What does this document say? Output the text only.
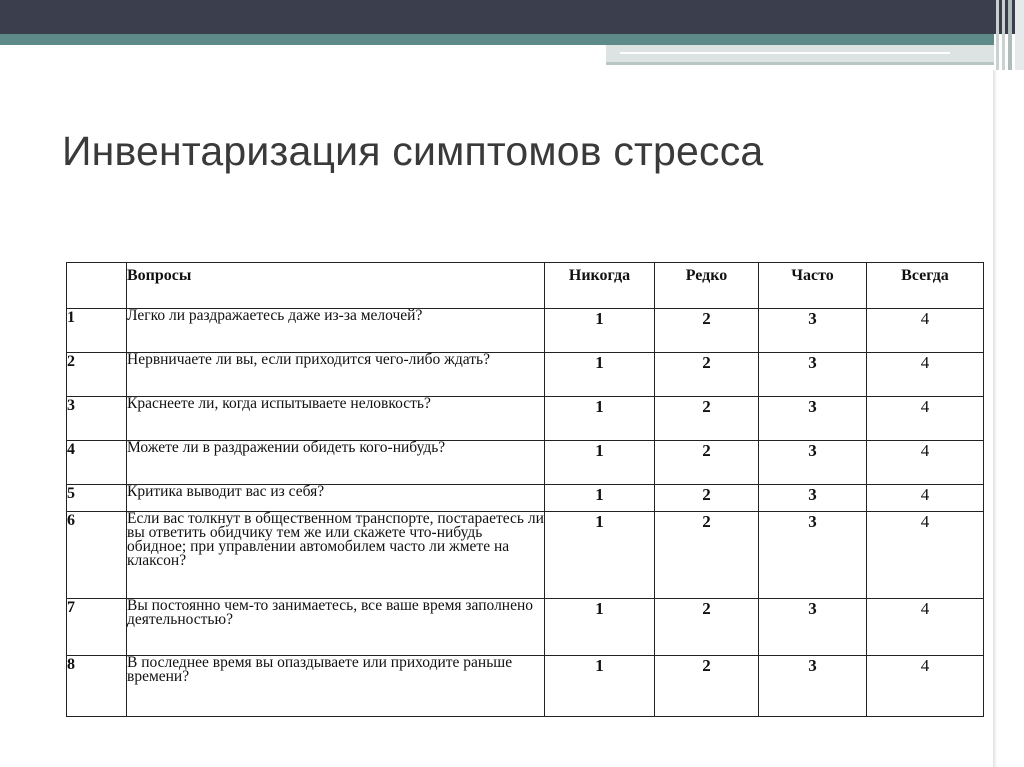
Инвентаризация симптомов стресса
	Вопросы	Никогда	Редко	Часто	Всегда
1	Легко ли раздражаетесь даже из-за мелочей?	1	2	3	4
2	Нервничаете ли вы, если приходится чего-либо ждать?	1	2	3	4
3	Краснеете ли, когда испытываете неловкость?	1	2	3	4
4	Можете ли в раздражении обидеть кого-нибудь?	1	2	3	4
5	Критика выводит вас из себя?	1	2	3	4
6	Если вас толкнут в общественном транспорте, постараетесь ли вы ответить обидчику тем же или скажете что-нибудь обидное; при управлении автомобилем часто ли жмете на клаксон?	1	2	3	4
7	Вы постоянно чем-то занимаетесь, все ваше время заполнено деятельностью?	1	2	3	4
8	В последнее время вы опаздываете или приходите раньше времени?	1	2	3	4
